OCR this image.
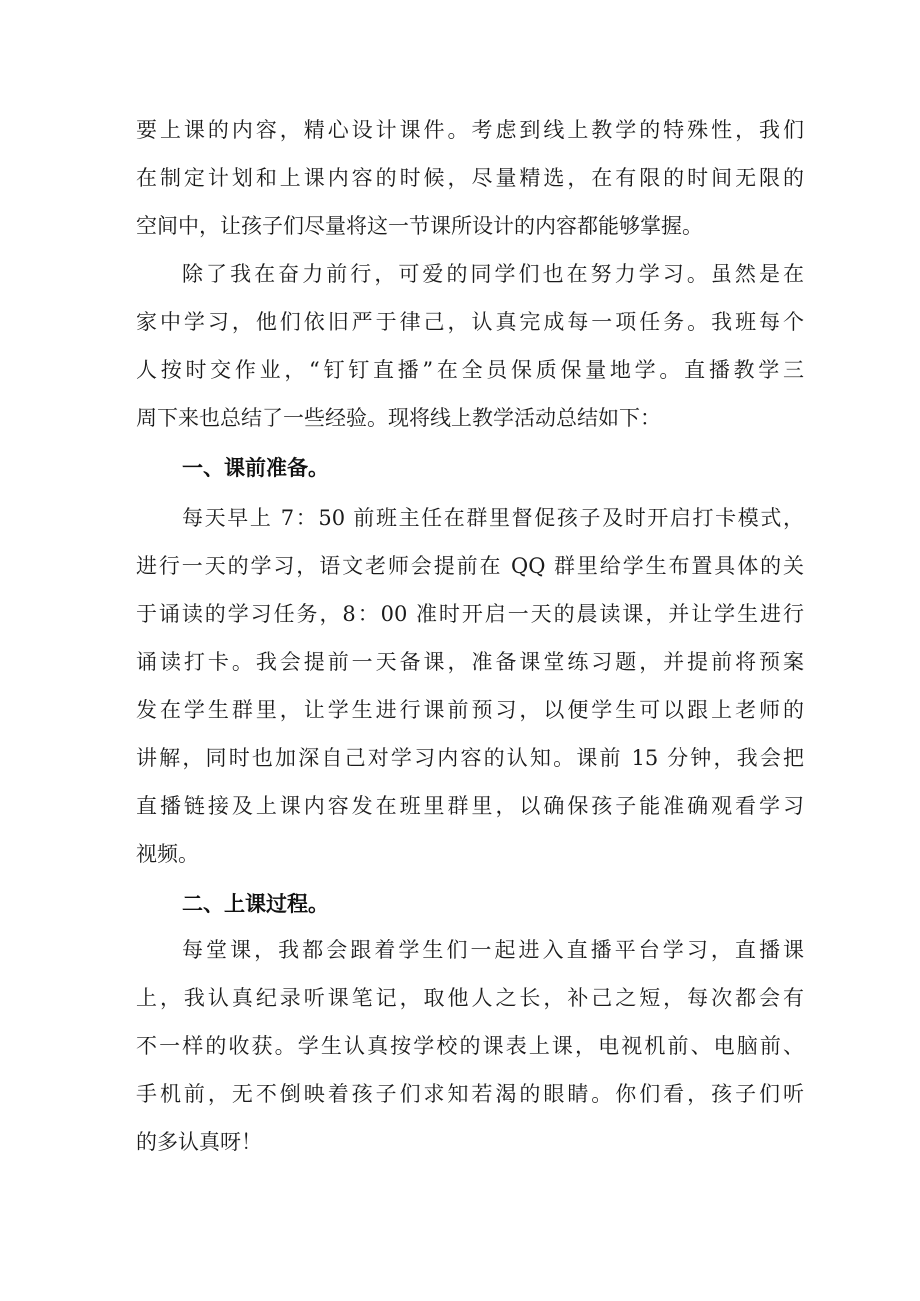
要上课的内容，精心设计课件。考虑到线上教学的特殊性，我们
在制定计划和上课内容的时候，尽量精选，在有限的时间无限的
空间中，让孩子们尽量将这一节课所设计的内容都能够掌握。
除了我在奋力前行，可爱的同学们也在努力学习。虽然是在
家中学习，他们依旧严于律己，认真完成每一项任务。我班每个
人按时交作业，“钉钉直播”在全员保质保量地学。直播教学三
周下来也总结了一些经验。现将线上教学活动总结如下：
一、课前准备。
每天早上 7：50 前班主任在群里督促孩子及时开启打卡模式，
进行一天的学习，语文老师会提前在 QQ 群里给学生布置具体的关
于诵读的学习任务，8：00 准时开启一天的晨读课，并让学生进行
诵读打卡。我会提前一天备课，准备课堂练习题，并提前将预案
发在学生群里，让学生进行课前预习，以便学生可以跟上老师的
讲解，同时也加深自己对学习内容的认知。课前 15 分钟，我会把
直播链接及上课内容发在班里群里，以确保孩子能准确观看学习
视频。
二、上课过程。
每堂课，我都会跟着学生们一起进入直播平台学习，直播课
上，我认真纪录听课笔记，取他人之长，补己之短，每次都会有
不一样的收获。学生认真按学校的课表上课，电视机前、电脑前、
手机前，无不倒映着孩子们求知若渴的眼睛。你们看，孩子们听
的多认真呀！
